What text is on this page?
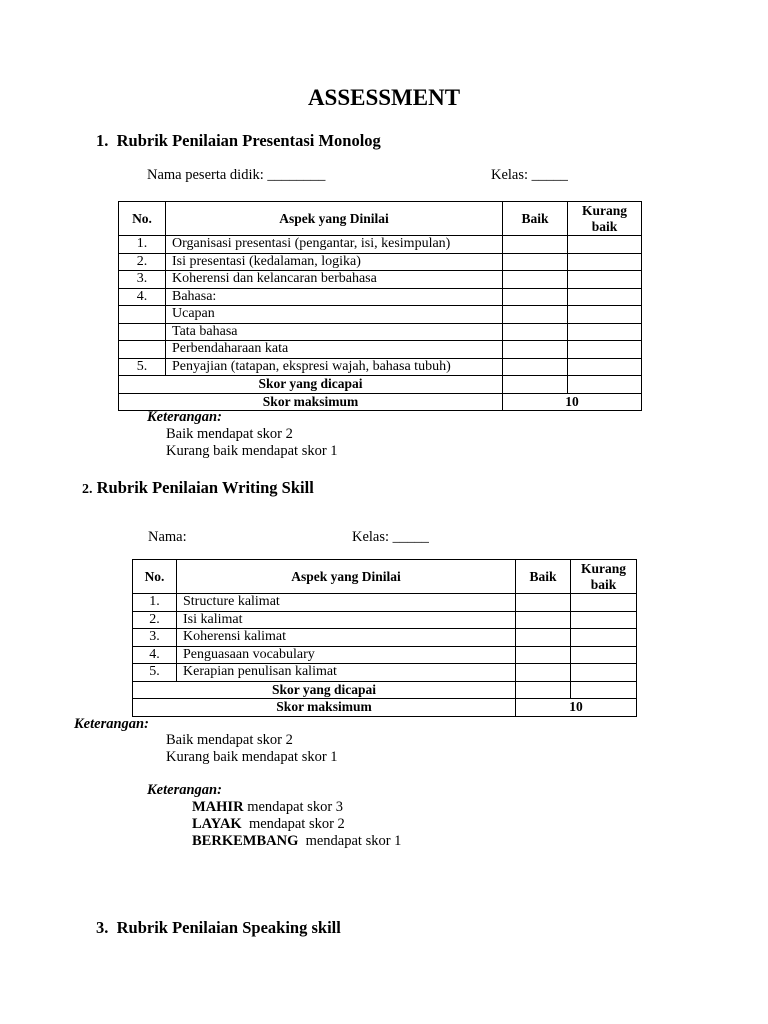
ASSESSMENT
1. Rubrik Penilaian Presentasi Monolog
Nama peserta didik: ________	Kelas: _____
No.	Aspek yang Dinilai	Baik	Kurang baik
1.	Organisasi presentasi (pengantar, isi, kesimpulan)		
2.	Isi presentasi (kedalaman, logika)		
3.	Koherensi dan kelancaran berbahasa		
4.	Bahasa:		
	Ucapan		
	Tata bahasa		
	Perbendaharaan kata		
5.	Penyajian (tatapan, ekspresi wajah, bahasa tubuh)		
Skor yang dicapai			
Skor maksimum		10	
Keterangan:
Baik mendapat skor 2
Kurang baik mendapat skor 1
2. Rubrik Penilaian Writing Skill
Nama:	Kelas: _____
No.	Aspek yang Dinilai	Baik	Kurang baik
1.	Structure kalimat		
2.	Isi kalimat		
3.	Koherensi kalimat		
4.	Penguasaan vocabulary		
5.	Kerapian penulisan kalimat		
Skor yang dicapai			
Skor maksimum		10	
Keterangan:
Baik mendapat skor 2
Kurang baik mendapat skor 1
Keterangan:
MAHIR mendapat skor 3
LAYAK  mendapat skor 2
BERKEMBANG  mendapat skor 1
3. Rubrik Penilaian Speaking skill
